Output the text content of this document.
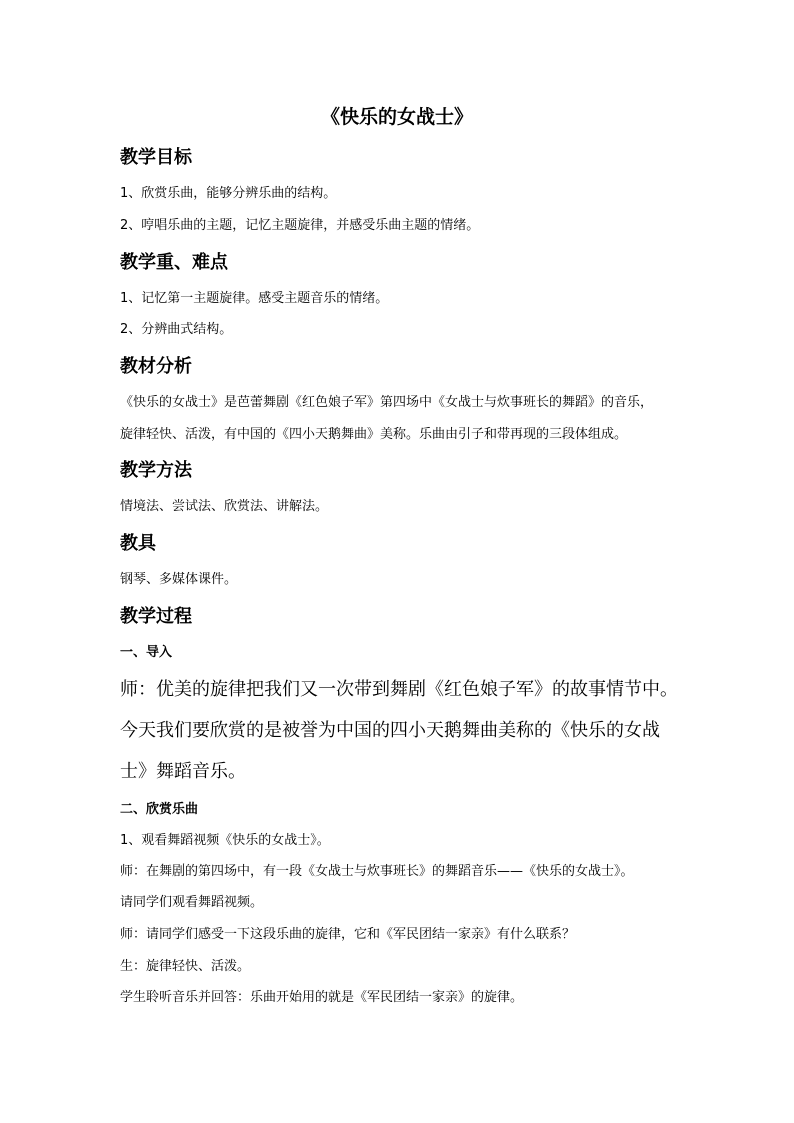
《快乐的女战士》
教学目标

1、欣赏乐曲，能够分辨乐曲的结构。

2、哼唱乐曲的主题，记忆主题旋律，并感受乐曲主题的情绪。

教学重、难点

1、记忆第一主题旋律。感受主题音乐的情绪。

2、分辨曲式结构。

教材分析

《快乐的女战士》是芭蕾舞剧《红色娘子军》第四场中《女战士与炊事班长的舞蹈》的音乐，

旋律轻快、活泼，有中国的《四小天鹅舞曲》美称。乐曲由引子和带再现的三段体组成。

教学方法

情境法、尝试法、欣赏法、讲解法。

教具

钢琴、多媒体课件。

教学过程
一、导入

师：优美的旋律把我们又一次带到舞剧《红色娘子军》的故事情节中。

今天我们要欣赏的是被誉为中国的四小天鹅舞曲美称的《快乐的女战

士》舞蹈音乐。

二、欣赏乐曲

1、观看舞蹈视频《快乐的女战士》。

师：在舞剧的第四场中，有一段《女战士与炊事班长》的舞蹈音乐——《快乐的女战士》。

请同学们观看舞蹈视频。

师：请同学们感受一下这段乐曲的旋律，它和《军民团结一家亲》有什么联系？

生：旋律轻快、活泼。

学生聆听音乐并回答：乐曲开始用的就是《军民团结一家亲》的旋律。
